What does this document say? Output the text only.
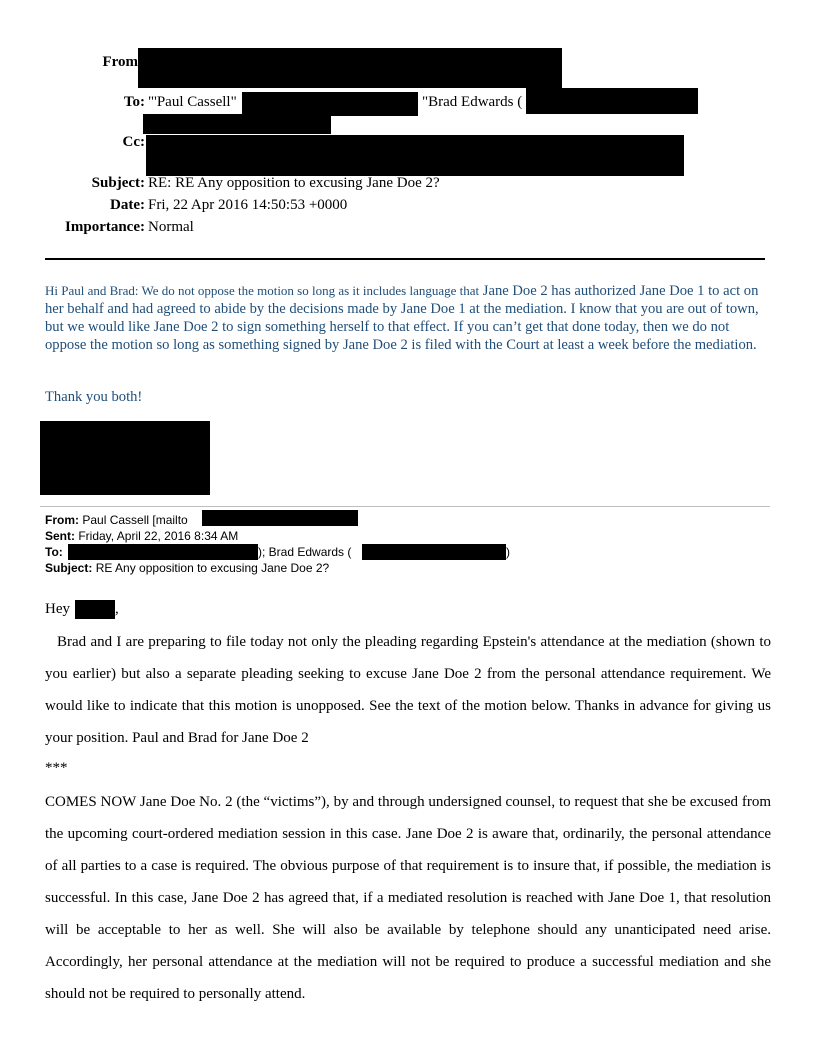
From
To: "'Paul Cassell"	"Brad Edwards (
Cc:
Subject: RE: RE Any opposition to excusing Jane Doe 2?
Date: Fri, 22 Apr 2016 14:50:53 +0000
Importance: Normal
Hi Paul and Brad: We do not oppose the motion so long as it includes language that Jane Doe 2 has authorized Jane Doe 1 to act on her behalf and had agreed to abide by the decisions made by Jane Doe 1 at the mediation. I know that you are out of town, but we would like Jane Doe 2 to sign something herself to that effect. If you can’t get that done today, then we do not oppose the motion so long as something signed by Jane Doe 2 is filed with the Court at least a week before the mediation.
Thank you both!
From: Paul Cassell [mailto
Sent: Friday, April 22, 2016 8:34 AM
To:	); Brad Edwards (	)
Subject: RE Any opposition to excusing Jane Doe 2?
Hey	,

Brad and I are preparing to file today not only the pleading regarding Epstein's attendance at the mediation (shown to you earlier) but also a separate pleading seeking to excuse Jane Doe 2 from the personal attendance requirement. We would like to indicate that this motion is unopposed. See the text of the motion below. Thanks in advance for giving us your position. Paul and Brad for Jane Doe 2

***

COMES NOW Jane Doe No. 2 (the “victims”), by and through undersigned counsel, to request that she be excused from the upcoming court-ordered mediation session in this case. Jane Doe 2 is aware that, ordinarily, the personal attendance of all parties to a case is required. The obvious purpose of that requirement is to insure that, if possible, the mediation is successful. In this case, Jane Doe 2 has agreed that, if a mediated resolution is reached with Jane Doe 1, that resolution will be acceptable to her as well. She will also be available by telephone should any unanticipated need arise. Accordingly, her personal attendance at the mediation will not be required to produce a successful mediation and she should not be required to personally attend.
